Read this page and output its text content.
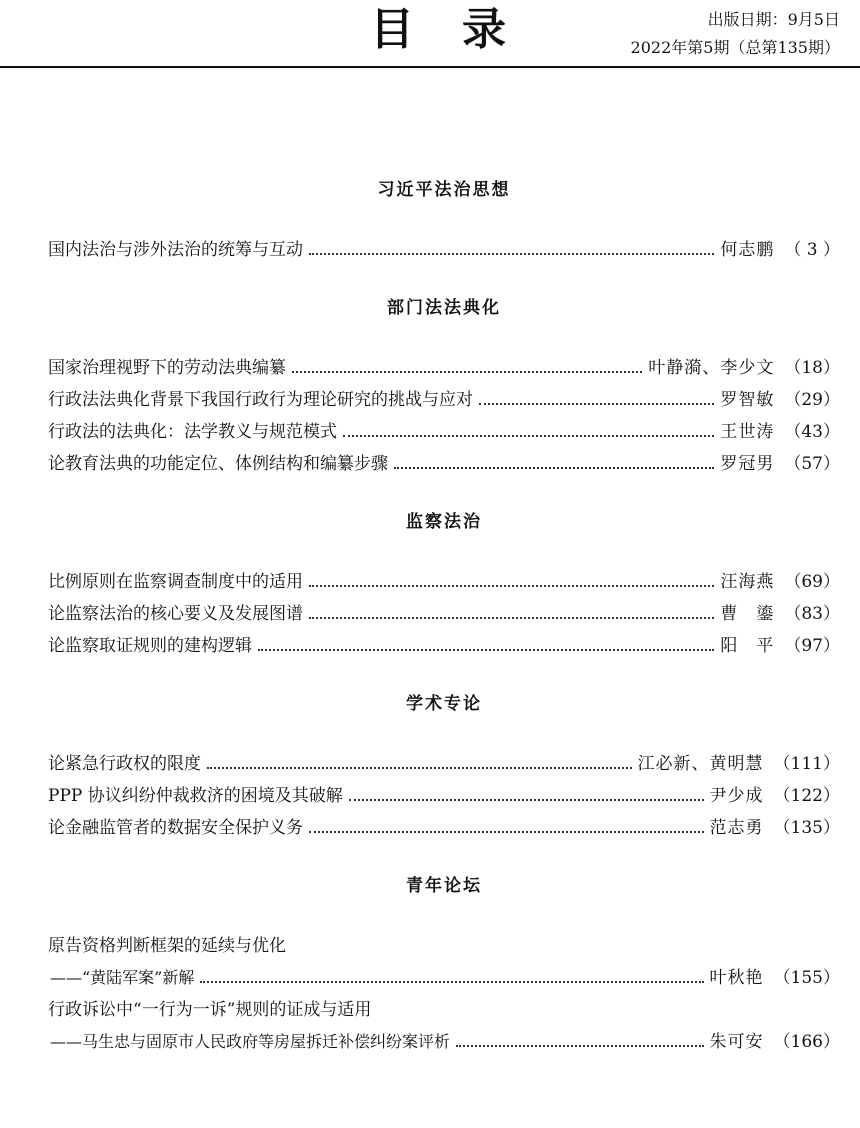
目录	出版日期：9月5日
2022年第5期（总第135期）
习近平法治思想
国内法治与涉外法治的统筹与互动	何志鹏 （ 3 ）
部门法法典化
国家治理视野下的劳动法典编纂	叶静漪、李少文 （18）
行政法法典化背景下我国行政行为理论研究的挑战与应对	罗智敏 （29）
行政法的法典化：法学教义与规范模式	王世涛 （43）
论教育法典的功能定位、体例结构和编纂步骤	罗冠男 （57）
监察法治
比例原则在监察调查制度中的适用	汪海燕 （69）
论监察法治的核心要义及发展图谱	曹　鎏 （83）
论监察取证规则的建构逻辑	阳　平 （97）
学术专论
论紧急行政权的限度	江必新、黄明慧 （111）
PPP 协议纠纷仲裁救济的困境及其破解	尹少成 （122）
论金融监管者的数据安全保护义务	范志勇 （135）
青年论坛
原告资格判断框架的延续与优化
——“黄陆军案”新解	叶秋艳 （155）
行政诉讼中“一行为一诉”规则的证成与适用
——马生忠与固原市人民政府等房屋拆迁补偿纠纷案评析	朱可安 （166）
